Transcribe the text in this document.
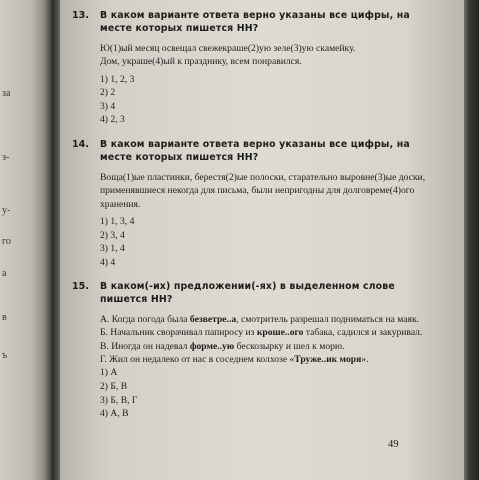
за
з-
у-
го
а
в
ъ
13. В каком варианте ответа верно указаны все цифры, на месте которых пишется НН?

Ю(1)ый месяц освещал свежекраше(2)ую зеле(3)ую скамейку.

Дом, украше(4)ый к празднику, всем понравился.

1) 1, 2, 3
2) 2
3) 4
4) 2, 3
14. В каком варианте ответа верно указаны все цифры, на месте которых пишется НН?

Воща(1)ые пластинки, берестя(2)ые полоски, старательно выровне(3)ые доски, применявшиеся некогда для письма, были непригодны для долговреме(4)ого хранения.

1) 1, 3, 4
2) 3, 4
3) 1, 4
4) 4
15. В каком(-их) предложении(-ях) в выделенном слове пишется НН?

А. Когда погода была безветре..а, смотритель разрешал подниматься на маяк.

Б. Начальник сворачивал папиросу из кроше..ого табака, садился и закуривал.

В. Иногда он надевал форме..ую бескозырку и шел к морю.

Г. Жил он недалеко от нас в соседнем колхозе «Труже..ик моря».

1) А
2) Б, В
3) Б, В, Г
4) А, В
49
